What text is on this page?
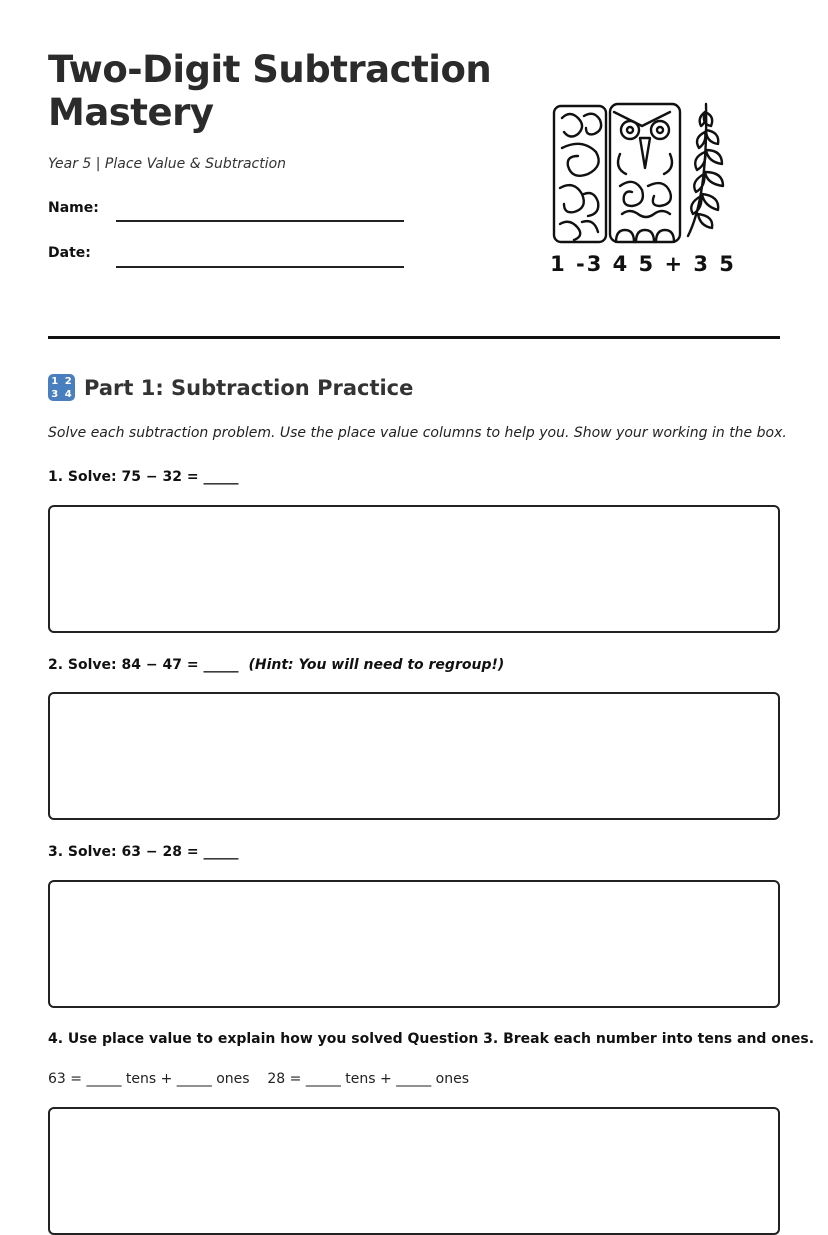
Two-Digit Subtraction Mastery
Year 5 | Place Value & Subtraction
Name:
Date:	1 -3 4 5 + 3 5
1 2
3 4 Part 1: Subtraction Practice
Solve each subtraction problem. Use the place value columns to help you. Show your working in the box.
1. Solve: 75 − 32 = _____
2. Solve: 84 − 47 = _____ (Hint: You will need to regroup!)
3. Solve: 63 − 28 = _____
4. Use place value to explain how you solved Question 3. Break each number into tens and ones.
63 = _____ tens + _____ ones    28 = _____ tens + _____ ones
